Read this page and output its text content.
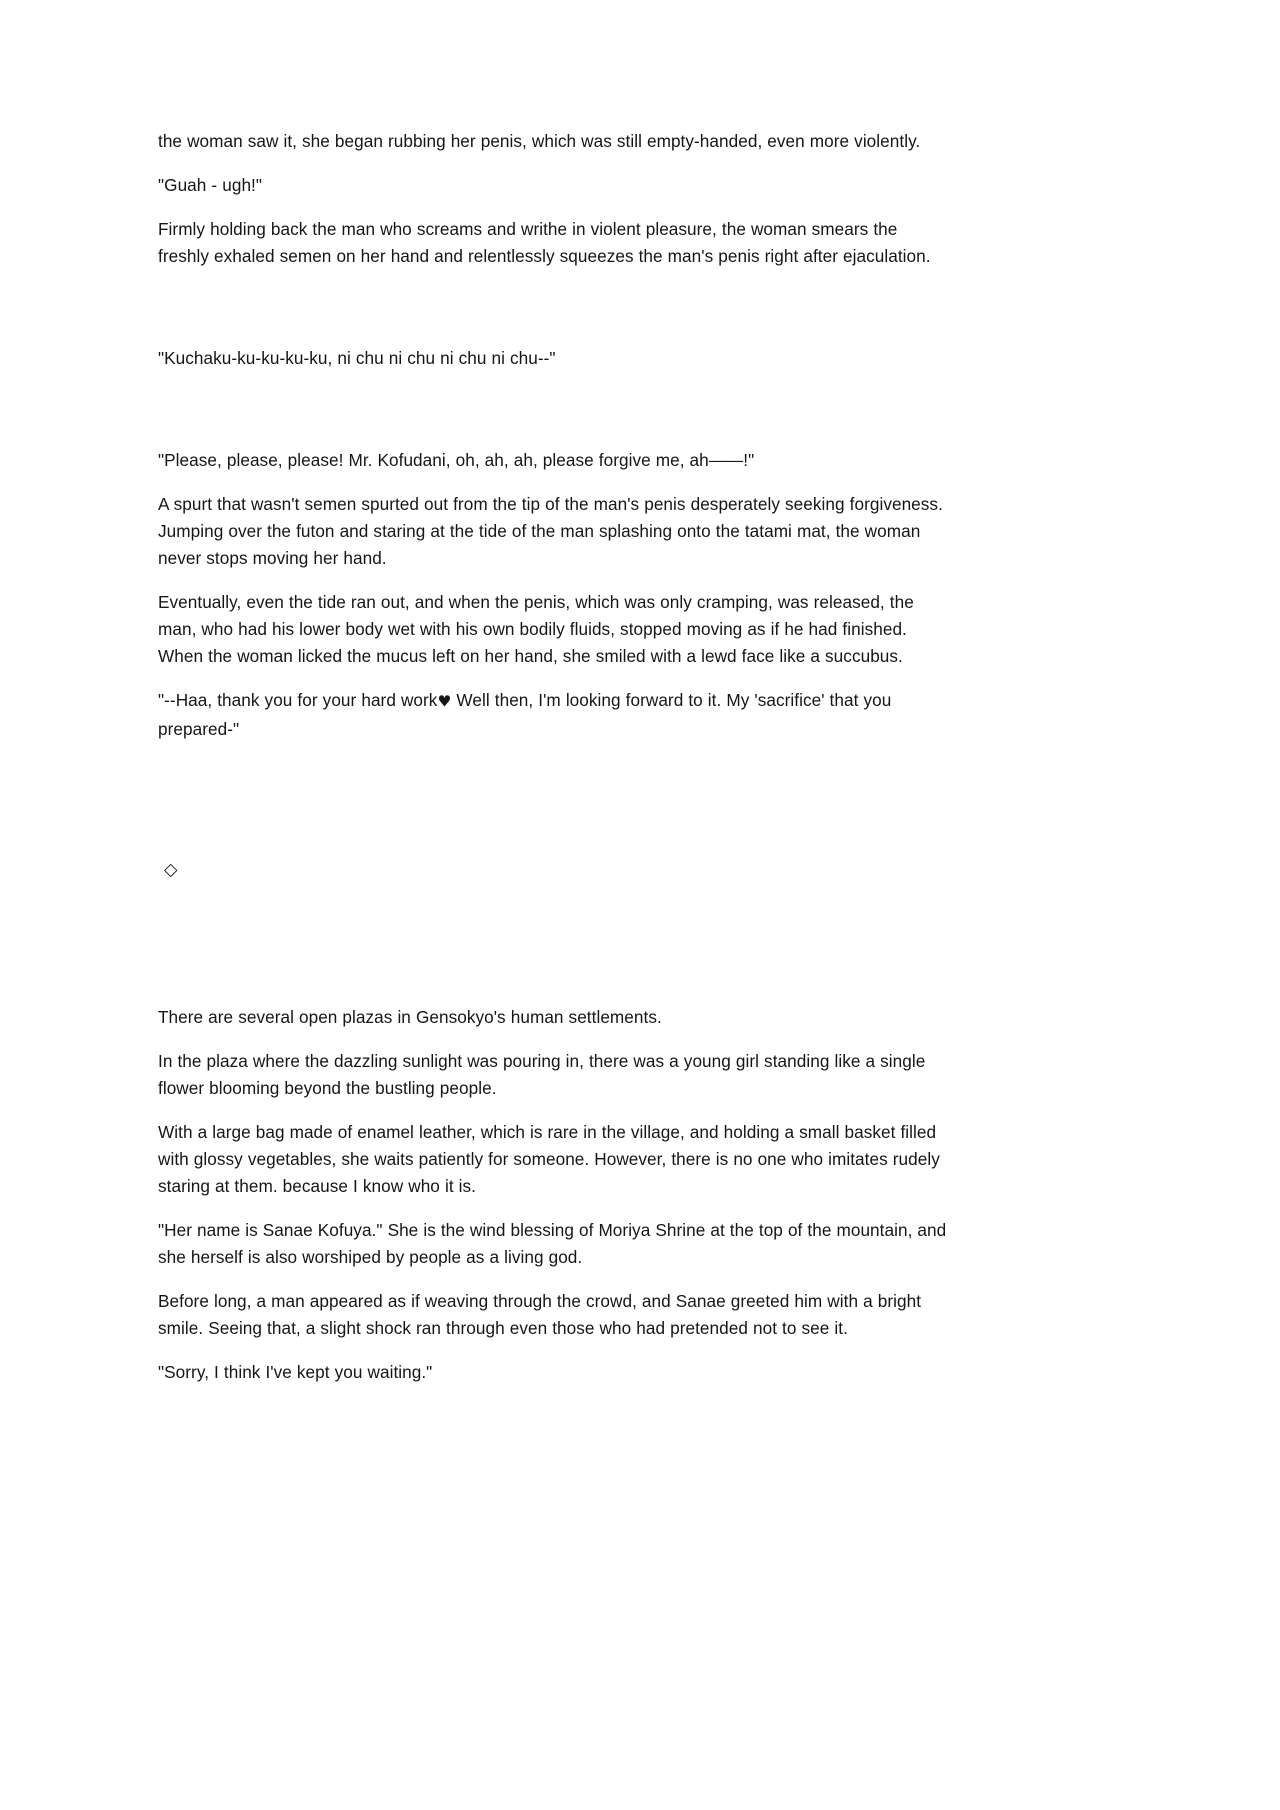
the woman saw it, she began rubbing her penis, which was still empty-handed, even more violently.

"Guah - ugh!"

Firmly holding back the man who screams and writhe in violent pleasure, the woman smears the freshly exhaled semen on her hand and relentlessly squeezes the man's penis right after ejaculation.

"Kuchaku-ku-ku-ku-ku, ni chu ni chu ni chu ni chu--"

"Please, please, please! Mr. Kofudani, oh, ah, ah, please forgive me, ah——!"

A spurt that wasn't semen spurted out from the tip of the man's penis desperately seeking forgiveness. Jumping over the futon and staring at the tide of the man splashing onto the tatami mat, the woman never stops moving her hand.

Eventually, even the tide ran out, and when the penis, which was only cramping, was released, the man, who had his lower body wet with his own bodily fluids, stopped moving as if he had finished. When the woman licked the mucus left on her hand, she smiled with a lewd face like a succubus.

"--Haa, thank you for your hard work♥ Well then, I'm looking forward to it. My 'sacrifice' that you prepared-"

◇

There are several open plazas in Gensokyo's human settlements.

In the plaza where the dazzling sunlight was pouring in, there was a young girl standing like a single flower blooming beyond the bustling people.

With a large bag made of enamel leather, which is rare in the village, and holding a small basket filled with glossy vegetables, she waits patiently for someone. However, there is no one who imitates rudely staring at them. because I know who it is.

"Her name is Sanae Kofuya." She is the wind blessing of Moriya Shrine at the top of the mountain, and she herself is also worshiped by people as a living god.

Before long, a man appeared as if weaving through the crowd, and Sanae greeted him with a bright smile. Seeing that, a slight shock ran through even those who had pretended not to see it.

"Sorry, I think I've kept you waiting."
